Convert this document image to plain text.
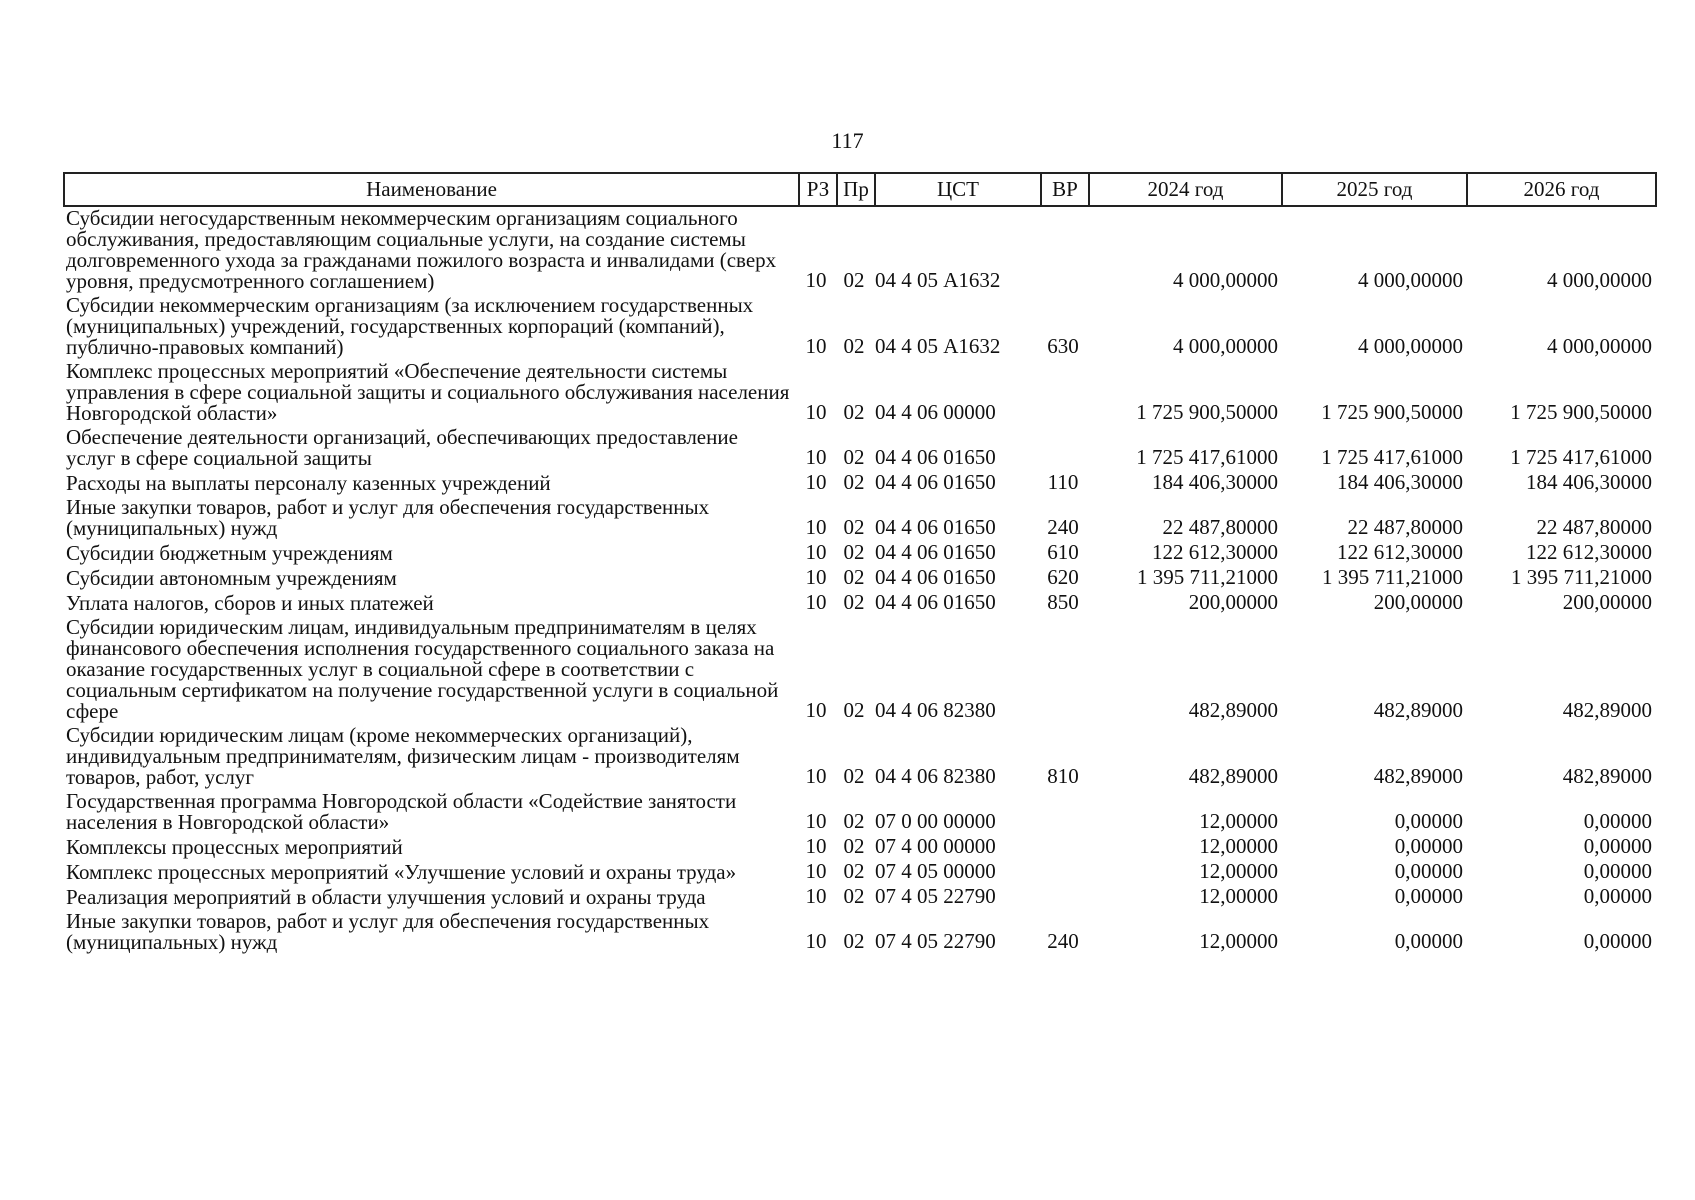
117
Наименование	РЗ	Пр	ЦСТ	ВР	2024 год	2025 год	2026 год
Субсидии негосударственным некоммерческим организациям социального обслуживания, предоставляющим социальные услуги, на создание системы долговременного ухода за гражданами пожилого возраста и инвалидами (сверх уровня, предусмотренного соглашением)	10	02	04 4 05 А1632		4 000,00000	4 000,00000	4 000,00000
Субсидии некоммерческим организациям (за исключением государственных (муниципальных) учреждений, государственных корпораций (компаний), публично-правовых компаний)	10	02	04 4 05 А1632	630	4 000,00000	4 000,00000	4 000,00000
Комплекс процессных мероприятий «Обеспечение деятельности системы управления в сфере социальной защиты и социального обслуживания населения Новгородской области»	10	02	04 4 06 00000		1 725 900,50000	1 725 900,50000	1 725 900,50000
Обеспечение деятельности организаций, обеспечивающих предоставление услуг в сфере социальной защиты	10	02	04 4 06 01650		1 725 417,61000	1 725 417,61000	1 725 417,61000
Расходы на выплаты персоналу казенных учреждений	10	02	04 4 06 01650	110	184 406,30000	184 406,30000	184 406,30000
Иные закупки товаров, работ и услуг для обеспечения государственных (муниципальных) нужд	10	02	04 4 06 01650	240	22 487,80000	22 487,80000	22 487,80000
Субсидии бюджетным учреждениям	10	02	04 4 06 01650	610	122 612,30000	122 612,30000	122 612,30000
Субсидии автономным учреждениям	10	02	04 4 06 01650	620	1 395 711,21000	1 395 711,21000	1 395 711,21000
Уплата налогов, сборов и иных платежей	10	02	04 4 06 01650	850	200,00000	200,00000	200,00000
Субсидии юридическим лицам, индивидуальным предпринимателям в целях финансового обеспечения исполнения государственного социального заказа на оказание государственных услуг в социальной сфере в соответствии с социальным сертификатом на получение государственной услуги в социальной сфере	10	02	04 4 06 82380		482,89000	482,89000	482,89000
Субсидии юридическим лицам (кроме некоммерческих организаций), индивидуальным предпринимателям, физическим лицам - производителям товаров, работ, услуг	10	02	04 4 06 82380	810	482,89000	482,89000	482,89000
Государственная программа Новгородской области «Содействие занятости населения в Новгородской области»	10	02	07 0 00 00000		12,00000	0,00000	0,00000
Комплексы процессных мероприятий	10	02	07 4 00 00000		12,00000	0,00000	0,00000
Комплекс процессных мероприятий «Улучшение условий и охраны труда»	10	02	07 4 05 00000		12,00000	0,00000	0,00000
Реализация мероприятий в области улучшения условий и охраны труда	10	02	07 4 05 22790		12,00000	0,00000	0,00000
Иные закупки товаров, работ и услуг для обеспечения государственных (муниципальных) нужд	10	02	07 4 05 22790	240	12,00000	0,00000	0,00000
